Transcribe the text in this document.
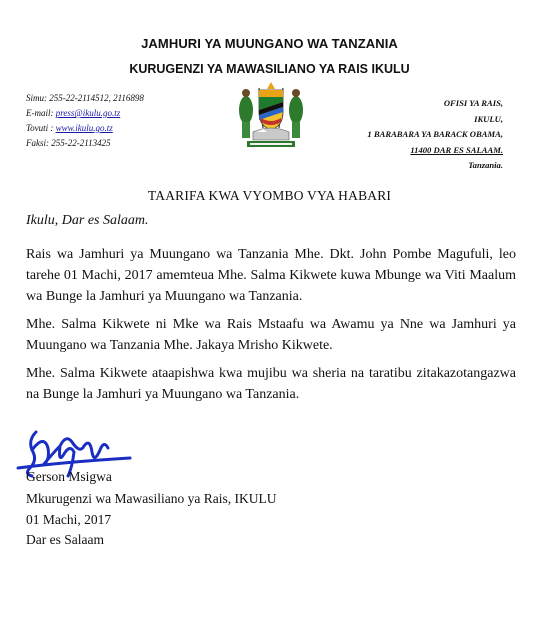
JAMHURI YA MUUNGANO WA TANZANIA
KURUGENZI YA MAWASILIANO YA RAIS IKULU
Simu: 255-22-2114512, 2116898
E-mail: press@ikulu.go.tz
Tovuti : www.ikulu.go.tz
Faksi: 255-22-2113425
OFISI YA RAIS,
IKULU,
1 BARABARA YA BARACK OBAMA,
11400 DAR ES SALAAM.
Tanzania.
TAARIFA KWA VYOMBO VYA HABARI
Ikulu, Dar es Salaam.
Rais wa Jamhuri ya Muungano wa Tanzania Mhe. Dkt. John Pombe Magufuli, leo tarehe 01 Machi, 2017 amemteua Mhe. Salma Kikwete kuwa Mbunge wa Viti Maalum wa Bunge la Jamhuri ya Muungano wa Tanzania.
Mhe. Salma Kikwete ni Mke wa Rais Mstaafu wa Awamu ya Nne wa Jamhuri ya Muungano wa Tanzania Mhe. Jakaya Mrisho Kikwete.
Mhe. Salma Kikwete ataapishwa kwa mujibu wa sheria na taratibu zitakazotangazwa na Bunge la Jamhuri ya Muungano wa Tanzania.
Gerson Msigwa
Mkurugenzi wa Mawasiliano ya Rais, IKULU
01 Machi, 2017
Dar es Salaam
